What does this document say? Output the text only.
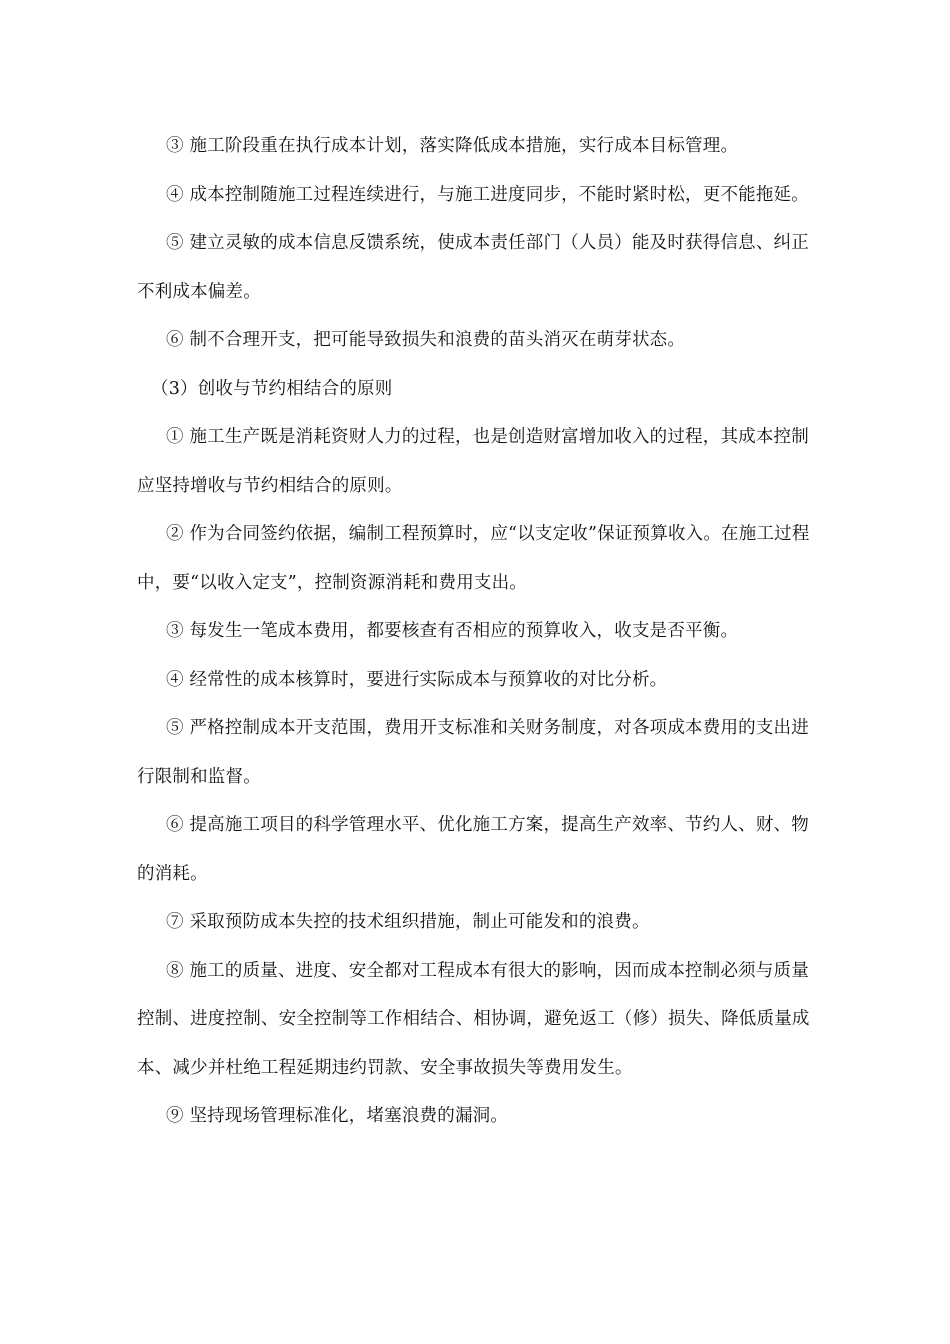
③ 施工阶段重在执行成本计划，落实降低成本措施，实行成本目标管理。

④ 成本控制随施工过程连续进行，与施工进度同步，不能时紧时松，更不能拖延。

⑤ 建立灵敏的成本信息反馈系统，使成本责任部门（人员）能及时获得信息、纠正不利成本偏差。

⑥ 制不合理开支，把可能导致损失和浪费的苗头消灭在萌芽状态。

（3）创收与节约相结合的原则

① 施工生产既是消耗资财人力的过程，也是创造财富增加收入的过程，其成本控制应坚持增收与节约相结合的原则。

② 作为合同签约依据，编制工程预算时，应“以支定收”保证预算收入。在施工过程中，要“以收入定支”，控制资源消耗和费用支出。

③ 每发生一笔成本费用，都要核查有否相应的预算收入，收支是否平衡。

④ 经常性的成本核算时，要进行实际成本与预算收的对比分析。

⑤ 严格控制成本开支范围，费用开支标准和关财务制度，对各项成本费用的支出进行限制和监督。

⑥ 提高施工项目的科学管理水平、优化施工方案，提高生产效率、节约人、财、物的消耗。

⑦ 采取预防成本失控的技术组织措施，制止可能发和的浪费。

⑧ 施工的质量、进度、安全都对工程成本有很大的影响，因而成本控制必须与质量控制、进度控制、安全控制等工作相结合、相协调，避免返工（修）损失、降低质量成本、减少并杜绝工程延期违约罚款、安全事故损失等费用发生。

⑨ 坚持现场管理标准化，堵塞浪费的漏洞。
